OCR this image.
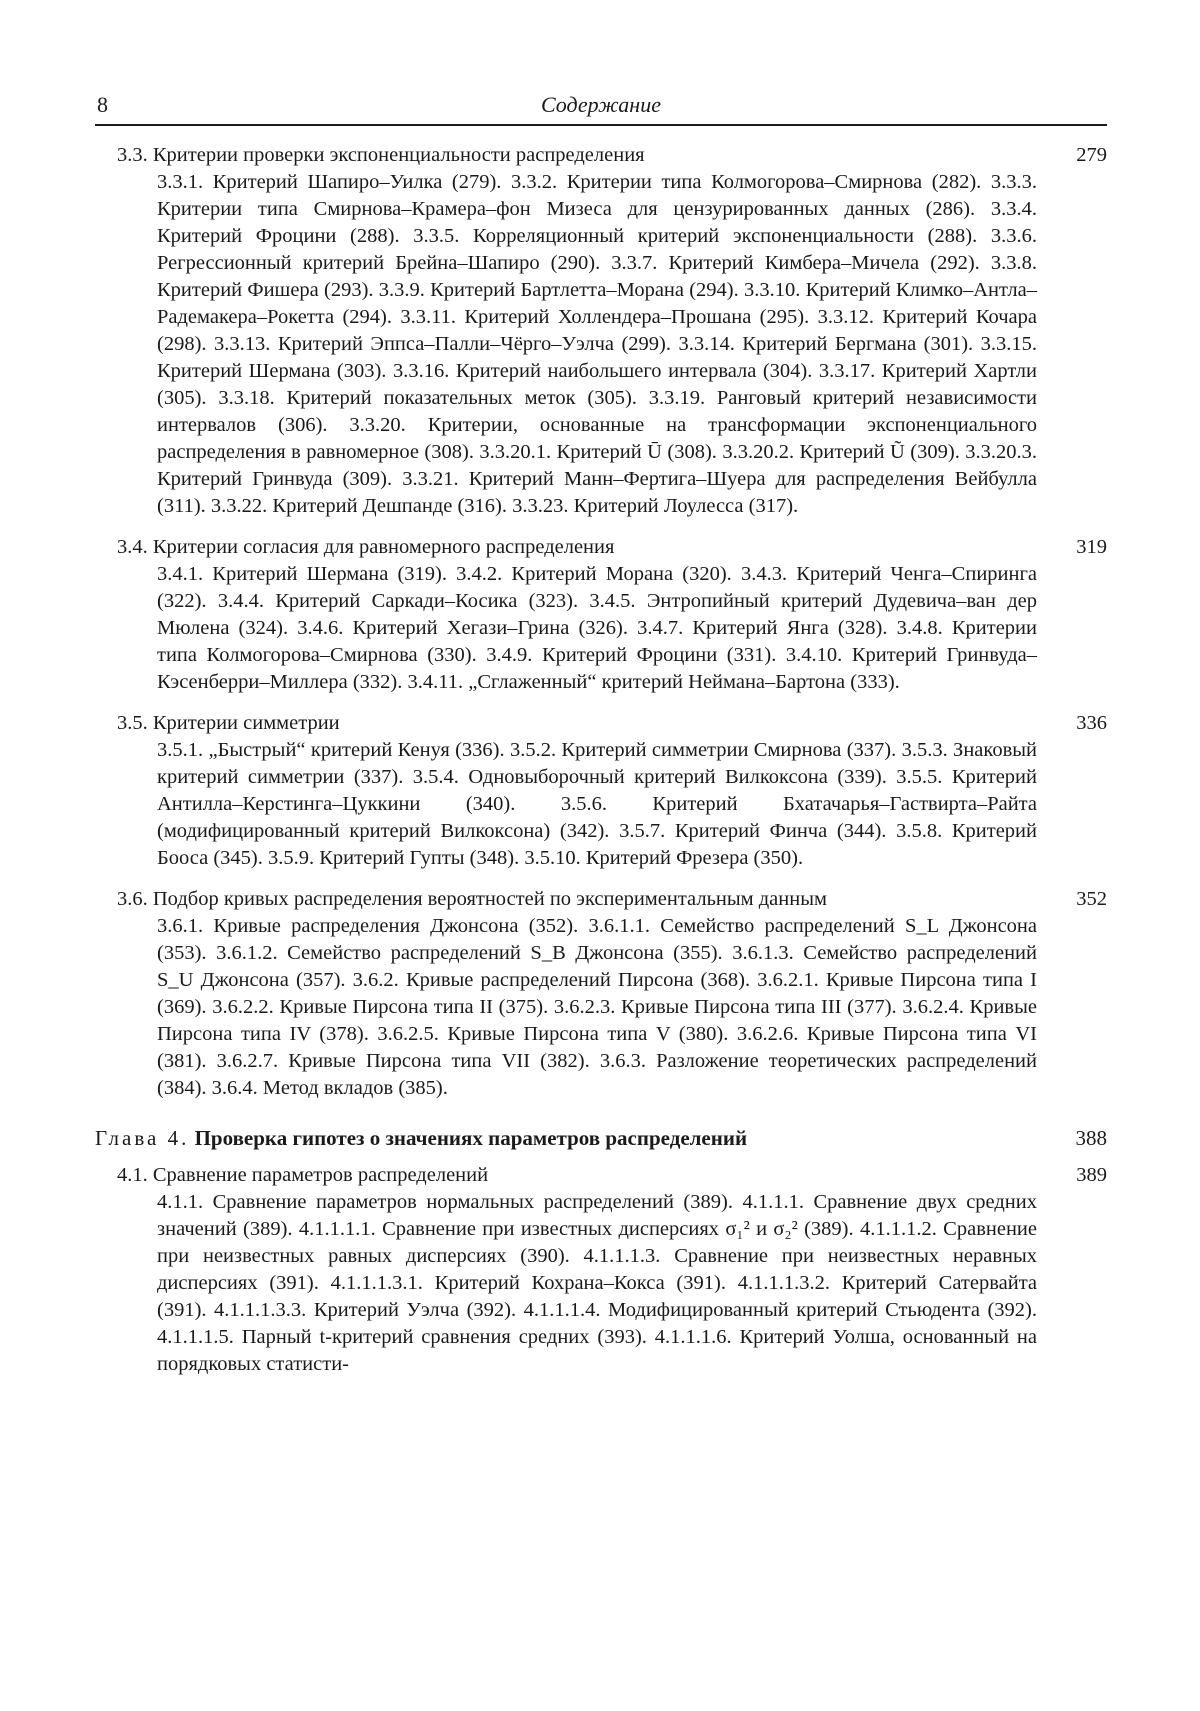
8	Содержание
3.3. Критерии проверки экспоненциальности распределения	279
3.3.1. Критерий Шапиро–Уилка (279). 3.3.2. Критерии типа Колмогорова–Смирнова (282). 3.3.3. Критерии типа Смирнова–Крамера–фон Мизеса для цензурированных данных (286). 3.3.4. Критерий Фроцини (288). 3.3.5. Корреляционный критерий экспоненциальности (288). 3.3.6. Регрессионный критерий Брейна–Шапиро (290). 3.3.7. Критерий Кимбера–Мичела (292). 3.3.8. Критерий Фишера (293). 3.3.9. Критерий Бартлетта–Морана (294). 3.3.10. Критерий Климко–Антла–Радемакера–Рокетта (294). 3.3.11. Критерий Холлендера–Прошана (295). 3.3.12. Критерий Кочара (298). 3.3.13. Критерий Эппса–Палли–Чёрго–Уэлча (299). 3.3.14. Критерий Бергмана (301). 3.3.15. Критерий Шермана (303). 3.3.16. Критерий наибольшего интервала (304). 3.3.17. Критерий Хартли (305). 3.3.18. Критерий показательных меток (305). 3.3.19. Ранговый критерий независимости интервалов (306). 3.3.20. Критерии, основанные на трансформации экспоненциального распределения в равномерное (308). 3.3.20.1. Критерий Ū (308). 3.3.20.2. Критерий Ũ (309). 3.3.20.3. Критерий Гринвуда (309). 3.3.21. Критерий Манн–Фертига–Шуера для распределения Вейбулла (311). 3.3.22. Критерий Дешпанде (316). 3.3.23. Критерий Лоулесса (317).
3.4. Критерии согласия для равномерного распределения	319
3.4.1. Критерий Шермана (319). 3.4.2. Критерий Морана (320). 3.4.3. Критерий Ченга–Спиринга (322). 3.4.4. Критерий Саркади–Косика (323). 3.4.5. Энтропийный критерий Дудевича–ван дер Мюлена (324). 3.4.6. Критерий Хегази–Грина (326). 3.4.7. Критерий Янга (328). 3.4.8. Критерии типа Колмогорова–Смирнова (330). 3.4.9. Критерий Фроцини (331). 3.4.10. Критерий Гринвуда–Кэсенберри–Миллера (332). 3.4.11. „Сглаженный“ критерий Неймана–Бартона (333).
3.5. Критерии симметрии	336
3.5.1. „Быстрый“ критерий Кенуя (336). 3.5.2. Критерий симметрии Смирнова (337). 3.5.3. Знаковый критерий симметрии (337). 3.5.4. Одновыборочный критерий Вилкоксона (339). 3.5.5. Критерий Антилла–Керстинга–Цуккини (340). 3.5.6. Критерий Бхатачарья–Гаствирта–Райта (модифицированный критерий Вилкоксона) (342). 3.5.7. Критерий Финча (344). 3.5.8. Критерий Бооса (345). 3.5.9. Критерий Гупты (348). 3.5.10. Критерий Фрезера (350).
3.6. Подбор кривых распределения вероятностей по экспериментальным данным	352
3.6.1. Кривые распределения Джонсона (352). 3.6.1.1. Семейство распределений S_L Джонсона (353). 3.6.1.2. Семейство распределений S_B Джонсона (355). 3.6.1.3. Семейство распределений S_U Джонсона (357). 3.6.2. Кривые распределений Пирсона (368). 3.6.2.1. Кривые Пирсона типа I (369). 3.6.2.2. Кривые Пирсона типа II (375). 3.6.2.3. Кривые Пирсона типа III (377). 3.6.2.4. Кривые Пирсона типа IV (378). 3.6.2.5. Кривые Пирсона типа V (380). 3.6.2.6. Кривые Пирсона типа VI (381). 3.6.2.7. Кривые Пирсона типа VII (382). 3.6.3. Разложение теоретических распределений (384). 3.6.4. Метод вкладов (385).
Глава 4. Проверка гипотез о значениях параметров распределений	388
4.1. Сравнение параметров распределений	389
4.1.1. Сравнение параметров нормальных распределений (389). 4.1.1.1. Сравнение двух средних значений (389). 4.1.1.1.1. Сравнение при известных дисперсиях σ₁² и σ₂² (389). 4.1.1.1.2. Сравнение при неизвестных равных дисперсиях (390). 4.1.1.1.3. Сравнение при неизвестных неравных дисперсиях (391). 4.1.1.1.3.1. Критерий Кохрана–Кокса (391). 4.1.1.1.3.2. Критерий Сатервайта (391). 4.1.1.1.3.3. Критерий Уэлча (392). 4.1.1.1.4. Модифицированный критерий Стьюдента (392). 4.1.1.1.5. Парный t-критерий сравнения средних (393). 4.1.1.1.6. Критерий Уолша, основанный на порядковых статисти-
